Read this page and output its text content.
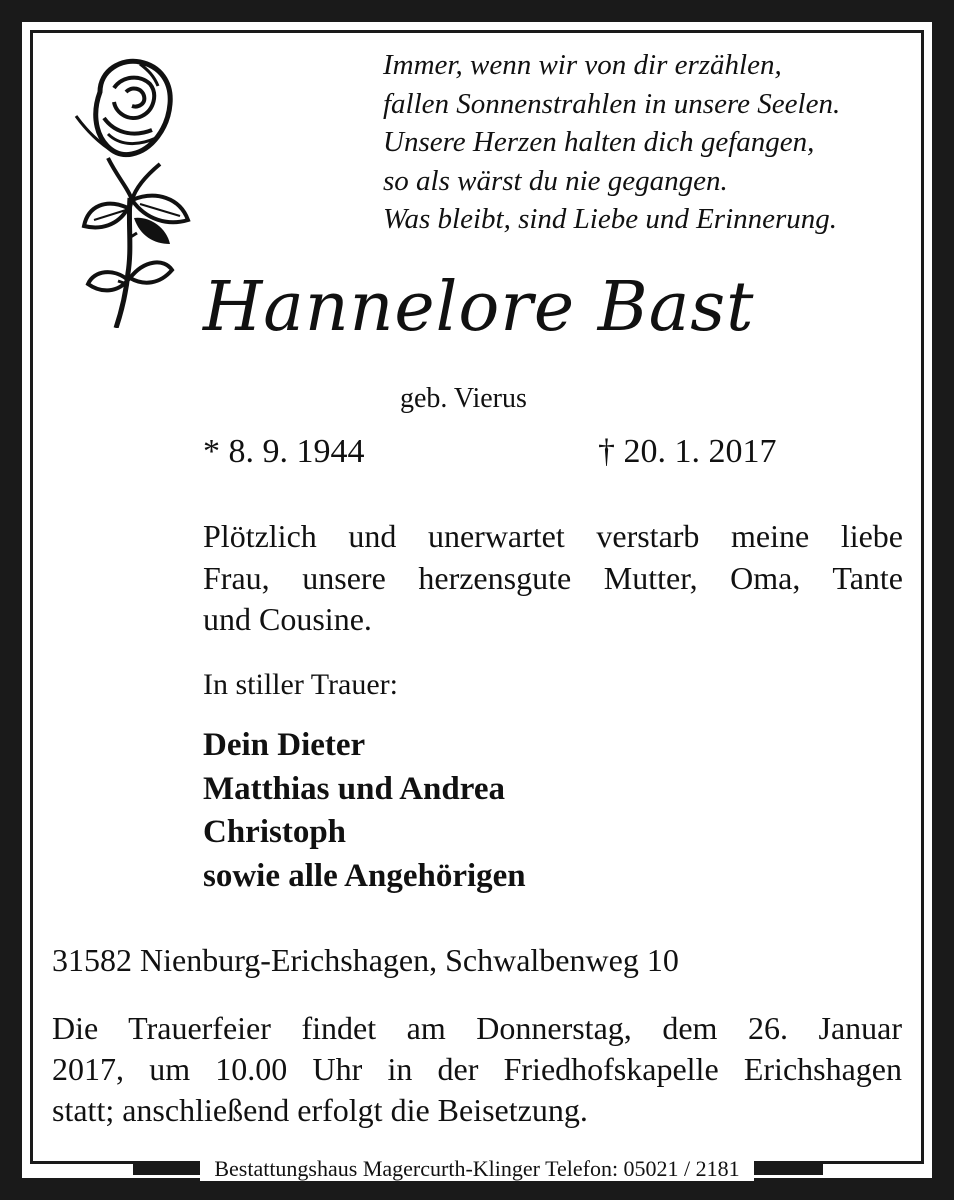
Immer, wenn wir von dir erzählen,
fallen Sonnenstrahlen in unsere Seelen.
Unsere Herzen halten dich gefangen,
so als wärst du nie gegangen.
Was bleibt, sind Liebe und Erinnerung.
Hannelore Bast
geb. Vierus
* 8. 9. 1944	† 20. 1. 2017
Plötzlich und unerwartet verstarb meine liebe
Frau, unsere herzensgute Mutter, Oma, Tante
und Cousine.
In stiller Trauer:
Dein Dieter
Matthias und Andrea
Christoph
sowie alle Angehörigen
31582 Nienburg-Erichshagen, Schwalbenweg 10
Die Trauerfeier findet am Donnerstag, dem 26. Januar
2017, um 10.00 Uhr in der Friedhofskapelle Erichshagen
statt; anschließend erfolgt die Beisetzung.
Bestattungshaus Magercurth-Klinger Telefon: 05021 / 2181
